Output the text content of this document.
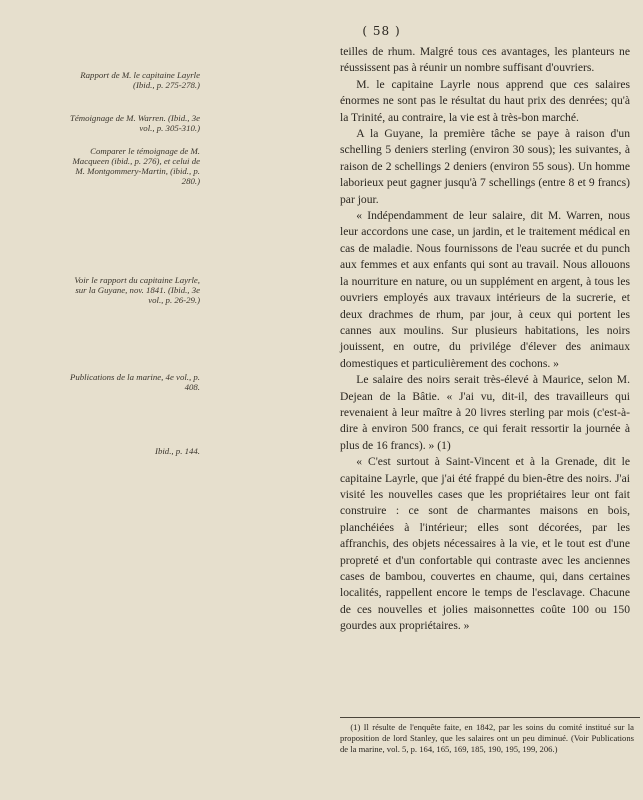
( 58 )
Rapport de M. le capitaine Layrle (Ibid., p. 275-278.)
Témoignage de M. Warren. (Ibid., 3e vol., p. 305-310.)
Comparer le témoignage de M. Macqueen (ibid., p. 276), et celui de M. Montgommery-Martin, (ibid., p. 280.)
Voir le rapport du capitaine Layrle, sur la Guyane, nov. 1841. (Ibid., 3e vol., p. 26-29.)
Publications de la marine, 4e vol., p. 408.
Ibid., p. 144.

teilles de rhum. Malgré tous ces avantages, les planteurs ne réussissent pas à réunir un nombre suffisant d'ouvriers.

M. le capitaine Layrle nous apprend que ces salaires énormes ne sont pas le résultat du haut prix des denrées; qu'à la Trinité, au contraire, la vie est à très-bon marché.

A la Guyane, la première tâche se paye à raison d'un schelling 5 deniers sterling (environ 30 sous); les suivantes, à raison de 2 schellings 2 deniers (environ 55 sous). Un homme laborieux peut gagner jusqu'à 7 schellings (entre 8 et 9 francs) par jour.

« Indépendamment de leur salaire, dit M. Warren, nous leur accordons une case, un jardin, et le traitement médical en cas de maladie. Nous fournissons de l'eau sucrée et du punch aux femmes et aux enfants qui sont au travail. Nous allouons la nourriture en nature, ou un supplément en argent, à tous les ouvriers employés aux travaux intérieurs de la sucrerie, et deux drachmes de rhum, par jour, à ceux qui portent les cannes aux moulins. Sur plusieurs habitations, les noirs jouissent, en outre, du privilége d'élever des animaux domestiques et particulièrement des cochons. »

Le salaire des noirs serait très-élevé à Maurice, selon M. Dejean de la Bâtie. « J'ai vu, dit-il, des travailleurs qui revenaient à leur maître à 20 livres sterling par mois (c'est-à-dire à environ 500 francs, ce qui ferait ressortir la journée à plus de 16 francs). » (1)

« C'est surtout à Saint-Vincent et à la Grenade, dit le capitaine Layrle, que j'ai été frappé du bien-être des noirs. J'ai visité les nouvelles cases que les propriétaires leur ont fait construire : ce sont de charmantes maisons en bois, planchéiées à l'intérieur; elles sont décorées, par les affranchis, des objets nécessaires à la vie, et le tout est d'une propreté et d'un confortable qui contraste avec les anciennes cases de bambou, couvertes en chaume, qui, dans certaines localités, rappellent encore le temps de l'esclavage. Chacune de ces nouvelles et jolies maisonnettes coûte 100 ou 150 gourdes aux propriétaires. »

(1) Il résulte de l'enquête faite, en 1842, par les soins du comité institué sur la proposition de lord Stanley, que les salaires ont un peu diminué. (Voir Publications de la marine, vol. 5, p. 164, 165, 169, 185, 190, 195, 199, 206.)
